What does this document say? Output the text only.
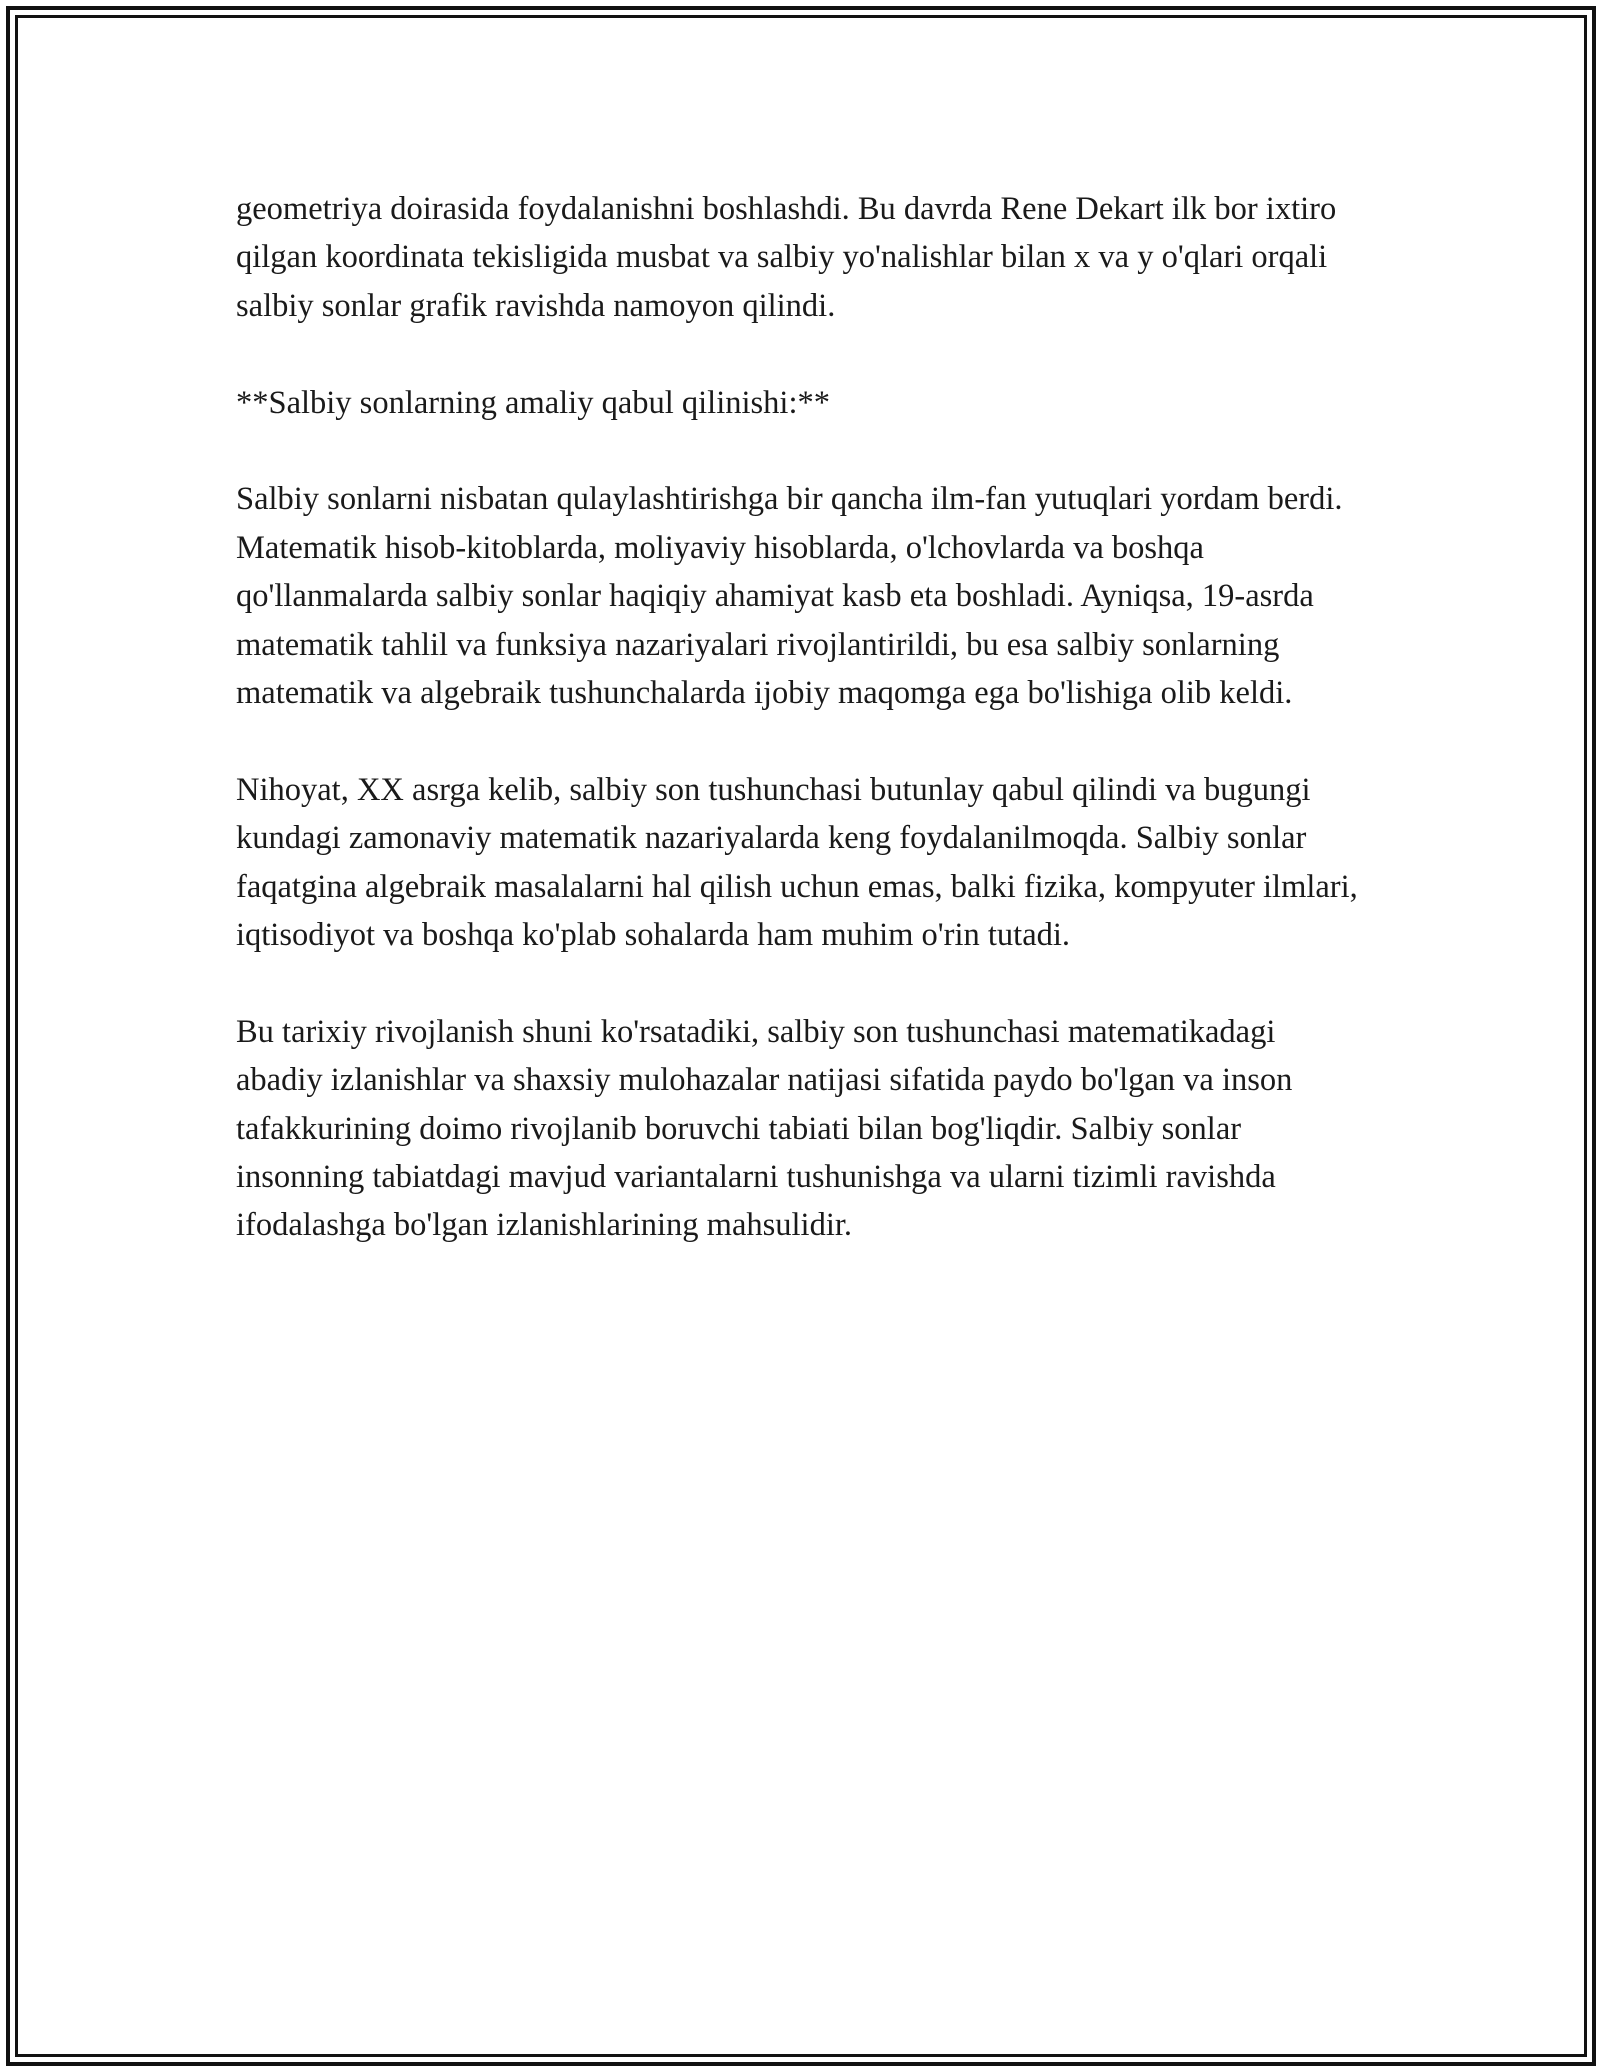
geometriya doirasida foydalanishni boshlashdi. Bu davrda Rene Dekart ilk bor ixtiro qilgan koordinata tekisligida musbat va salbiy yo'nalishlar bilan x va y o'qlari orqali salbiy sonlar grafik ravishda namoyon qilindi.

**Salbiy sonlarning amaliy qabul qilinishi:**

Salbiy sonlarni nisbatan qulaylashtirishga bir qancha ilm-fan yutuqlari yordam berdi. Matematik hisob-kitoblarda, moliyaviy hisoblarda, o'lchovlarda va boshqa qo'llanmalarda salbiy sonlar haqiqiy ahamiyat kasb eta boshladi. Ayniqsa, 19-asrda matematik tahlil va funksiya nazariyalari rivojlantirildi, bu esa salbiy sonlarning matematik va algebraik tushunchalarda ijobiy maqomga ega bo'lishiga olib keldi.

Nihoyat, XX asrga kelib, salbiy son tushunchasi butunlay qabul qilindi va bugungi kundagi zamonaviy matematik nazariyalarda keng foydalanilmoqda. Salbiy sonlar faqatgina algebraik masalalarni hal qilish uchun emas, balki fizika, kompyuter ilmlari, iqtisodiyot va boshqa ko'plab sohalarda ham muhim o'rin tutadi.

Bu tarixiy rivojlanish shuni ko'rsatadiki, salbiy son tushunchasi matematikadagi abadiy izlanishlar va shaxsiy mulohazalar natijasi sifatida paydo bo'lgan va inson tafakkurining doimo rivojlanib boruvchi tabiati bilan bog'liqdir. Salbiy sonlar insonning tabiatdagi mavjud variantalarni tushunishga va ularni tizimli ravishda ifodalashga bo'lgan izlanishlarining mahsulidir.
